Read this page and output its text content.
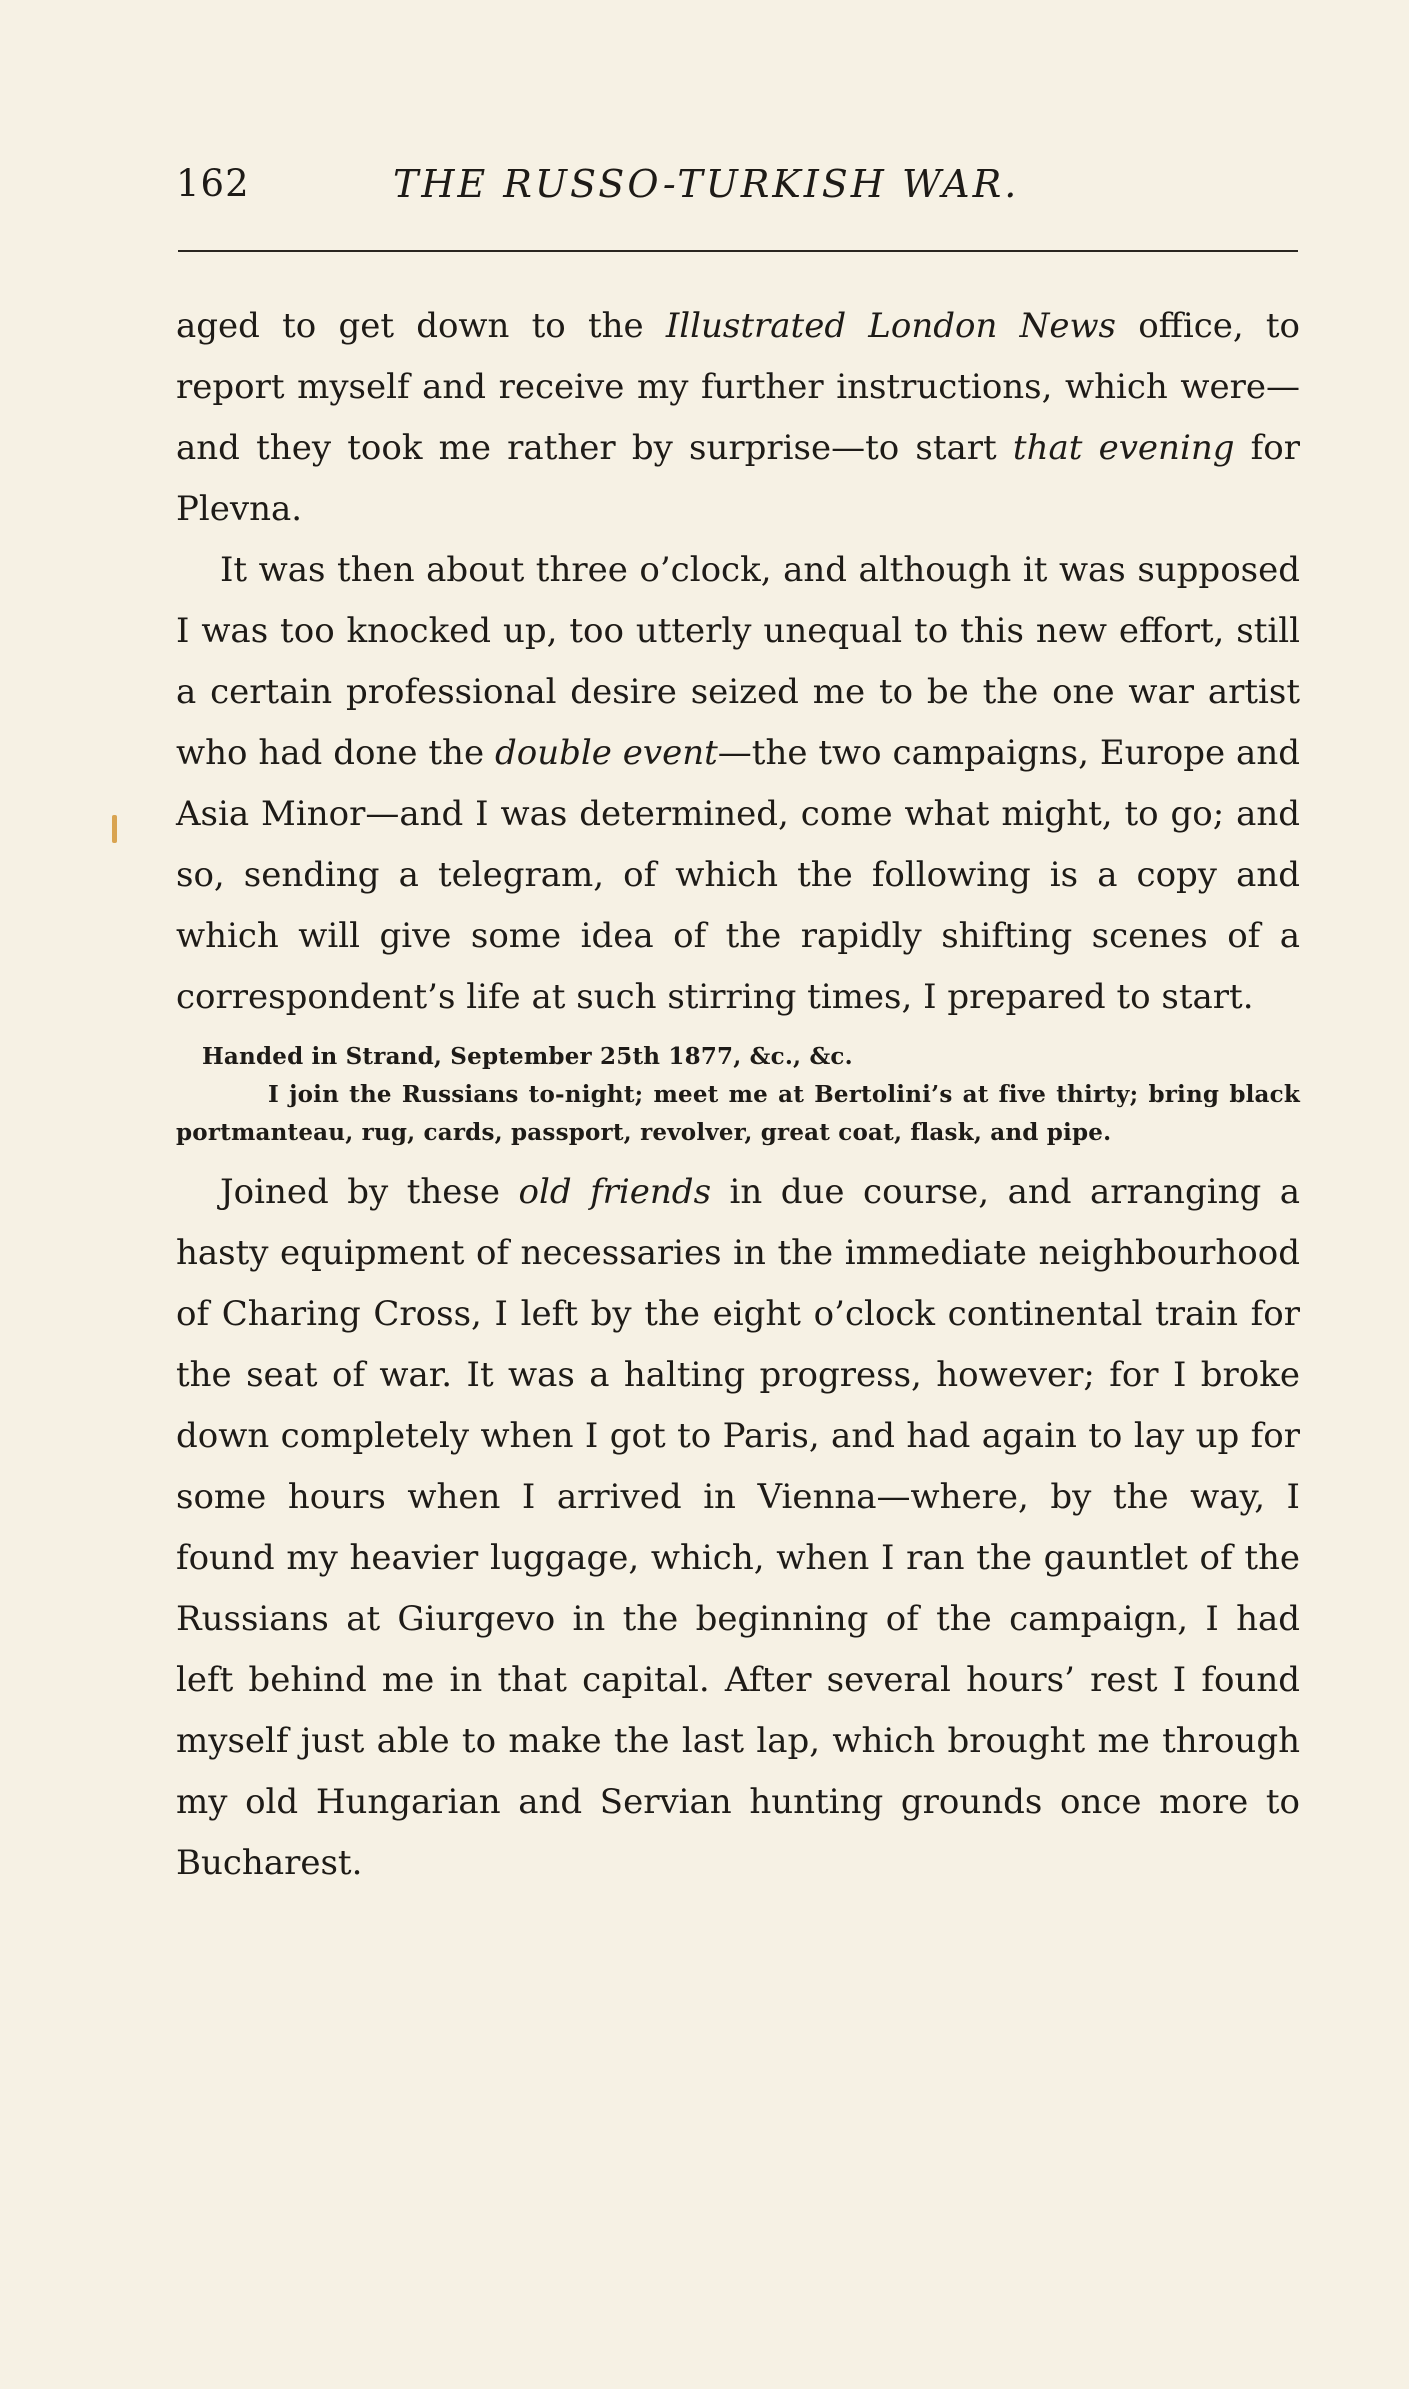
162	THE RUSSO-TURKISH WAR.

aged to get down to the Illustrated London News office, to report myself and receive my further instructions, which were—and they took me rather by surprise—to start that evening for Plevna.

It was then about three o’clock, and although it was supposed I was too knocked up, too utterly unequal to this new effort, still a certain professional desire seized me to be the one war artist who had done the double event—the two campaigns, Europe and Asia Minor—and I was determined, come what might, to go; and so, sending a telegram, of which the following is a copy and which will give some idea of the rapidly shifting scenes of a correspondent’s life at such stirring times, I prepared to start.

Handed in Strand, September 25th 1877, &c., &c.

I join the Russians to-night; meet me at Bertolini’s at five thirty; bring black portmanteau, rug, cards, passport, revolver, great coat, flask, and pipe.

Joined by these old friends in due course, and arranging a hasty equipment of necessaries in the immediate neighbourhood of Charing Cross, I left by the eight o’clock continental train for the seat of war. It was a halting progress, however; for I broke down completely when I got to Paris, and had again to lay up for some hours when I arrived in Vienna—where, by the way, I found my heavier luggage, which, when I ran the gauntlet of the Russians at Giurgevo in the beginning of the campaign, I had left behind me in that capital. After several hours’ rest I found myself just able to make the last lap, which brought me through my old Hungarian and Servian hunting grounds once more to Bucharest.
